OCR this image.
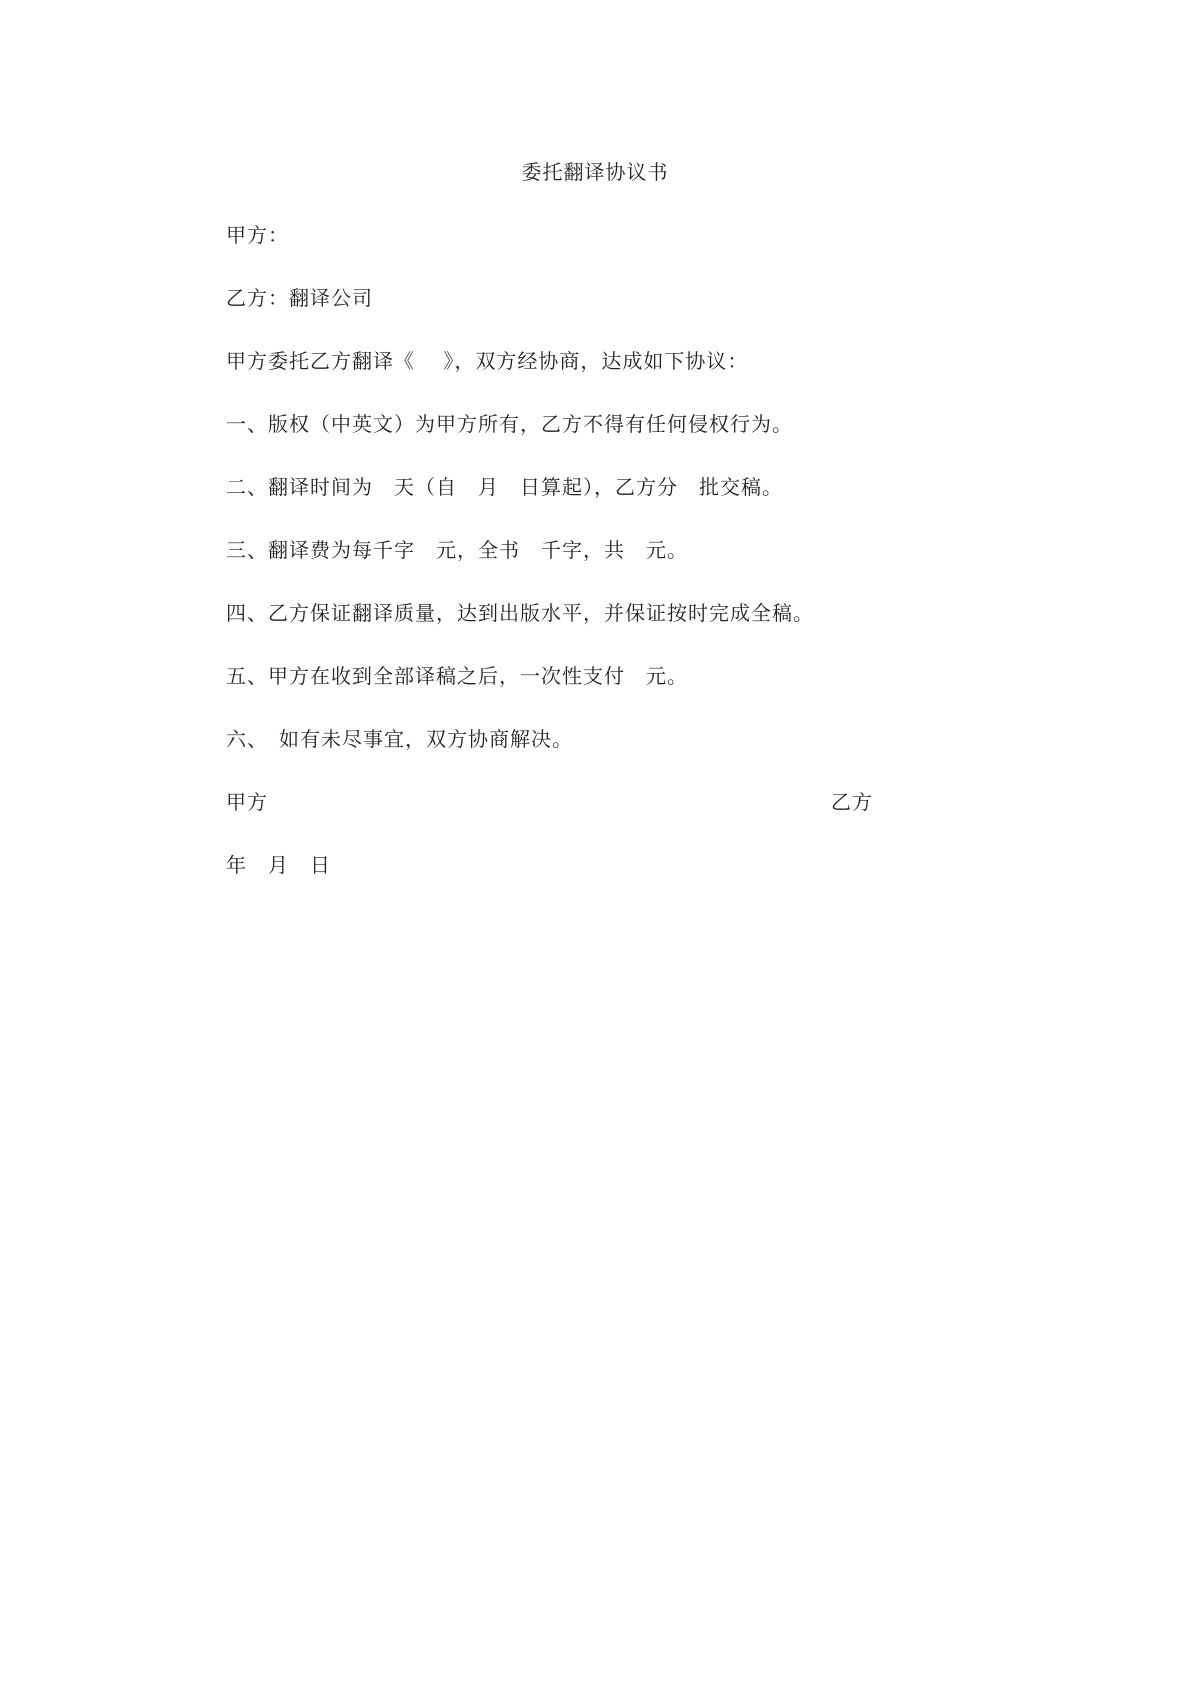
委托翻译协议书
甲方：
乙方：翻译公司
甲方委托乙方翻译《　 》，双方经协商，达成如下协议：
一、版权（中英文）为甲方所有，乙方不得有任何侵权行为。
二、翻译时间为　天（自　月　日算起），乙方分　批交稿。
三、翻译费为每千字　元，全书　千字，共　元。
四、乙方保证翻译质量，达到出版水平，并保证按时完成全稿。
五、甲方在收到全部译稿之后，一次性支付　元。
六、　如有未尽事宜，双方协商解决。
甲方	乙方
年　月　日
